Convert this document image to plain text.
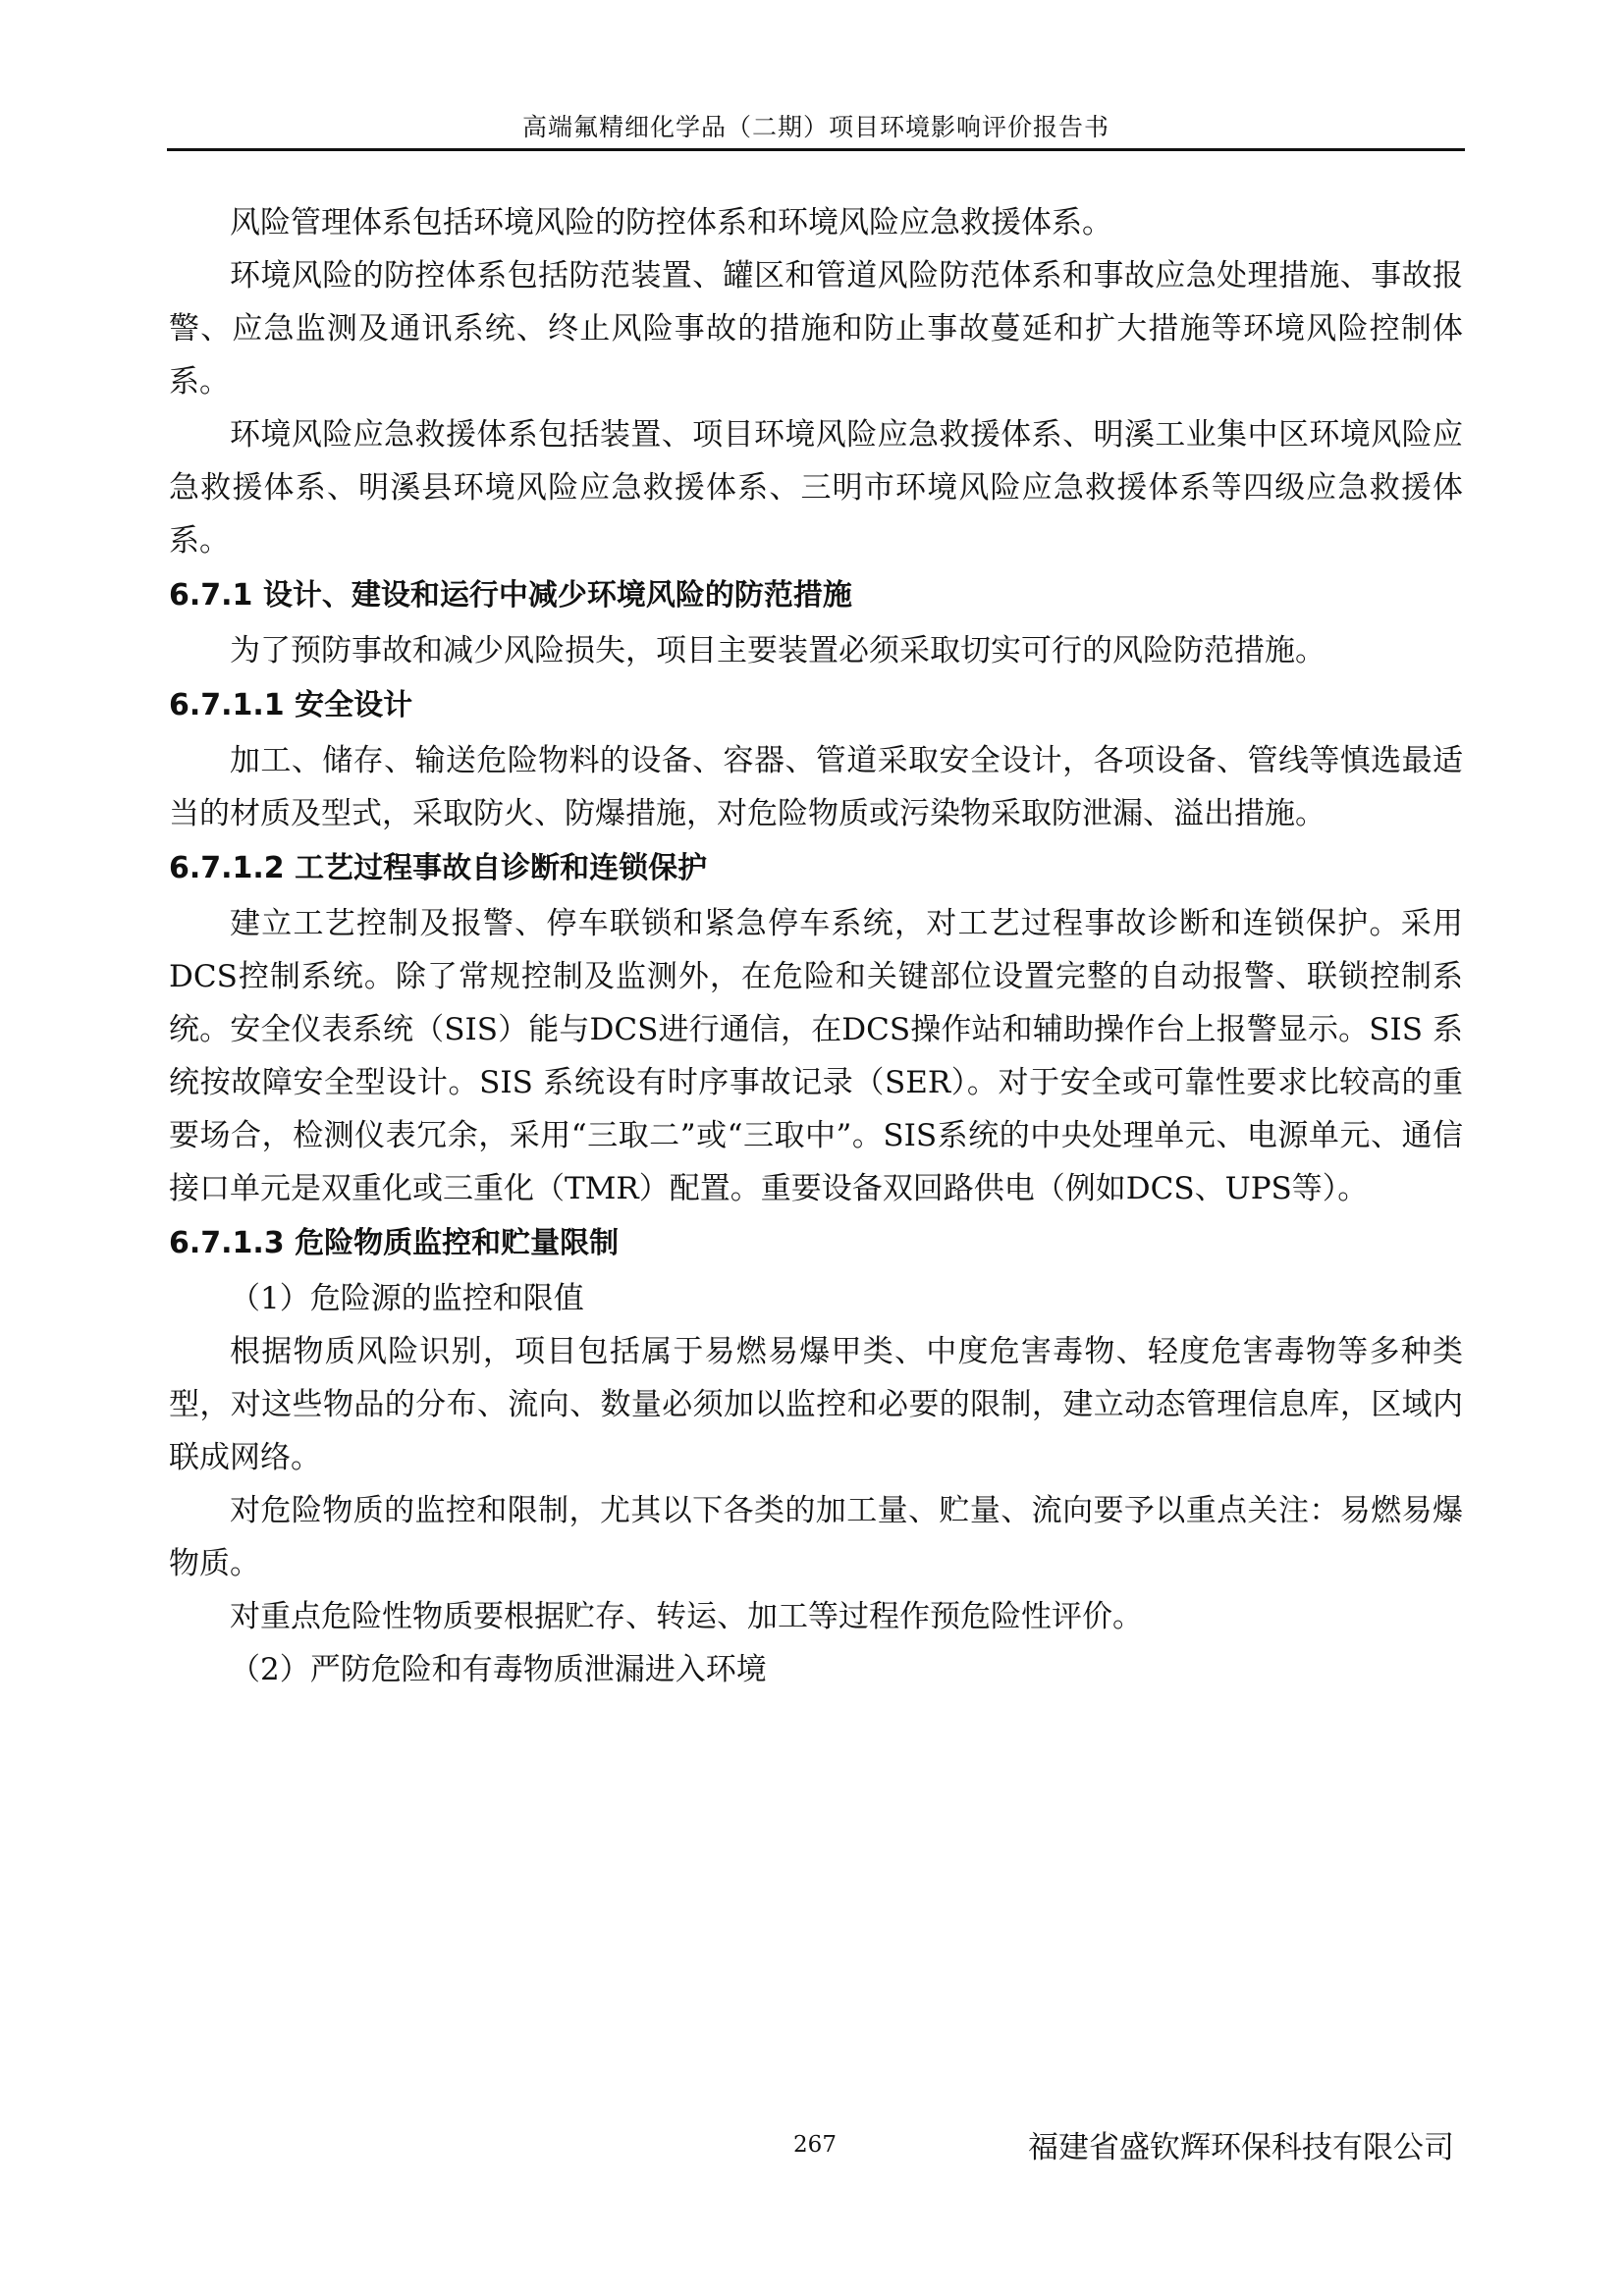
高端氟精细化学品（二期）项目环境影响评价报告书

风险管理体系包括环境风险的防控体系和环境风险应急救援体系。

环境风险的防控体系包括防范装置、罐区和管道风险防范体系和事故应急处理措施、事故报警、应急监测及通讯系统、终止风险事故的措施和防止事故蔓延和扩大措施等环境风险控制体系。

环境风险应急救援体系包括装置、项目环境风险应急救援体系、明溪工业集中区环境风险应急救援体系、明溪县环境风险应急救援体系、三明市环境风险应急救援体系等四级应急救援体系。

6.7.1 设计、建设和运行中减少环境风险的防范措施

为了预防事故和减少风险损失，项目主要装置必须采取切实可行的风险防范措施。

6.7.1.1 安全设计

加工、储存、输送危险物料的设备、容器、管道采取安全设计，各项设备、管线等慎选最适当的材质及型式，采取防火、防爆措施，对危险物质或污染物采取防泄漏、溢出措施。

6.7.1.2 工艺过程事故自诊断和连锁保护

建立工艺控制及报警、停车联锁和紧急停车系统，对工艺过程事故诊断和连锁保护。采用DCS控制系统。除了常规控制及监测外，在危险和关键部位设置完整的自动报警、联锁控制系统。安全仪表系统（SIS）能与DCS进行通信，在DCS操作站和辅助操作台上报警显示。SIS 系统按故障安全型设计。SIS 系统设有时序事故记录（SER）。对于安全或可靠性要求比较高的重要场合，检测仪表冗余，采用“三取二”或“三取中”。SIS系统的中央处理单元、电源单元、通信接口单元是双重化或三重化（TMR）配置。重要设备双回路供电（例如DCS、UPS等）。

6.7.1.3 危险物质监控和贮量限制

（1）危险源的监控和限值

根据物质风险识别，项目包括属于易燃易爆甲类、中度危害毒物、轻度危害毒物等多种类型，对这些物品的分布、流向、数量必须加以监控和必要的限制，建立动态管理信息库，区域内联成网络。

对危险物质的监控和限制，尤其以下各类的加工量、贮量、流向要予以重点关注：易燃易爆物质。

对重点危险性物质要根据贮存、转运、加工等过程作预危险性评价。

（2）严防危险和有毒物质泄漏进入环境

267	福建省盛钦辉环保科技有限公司
